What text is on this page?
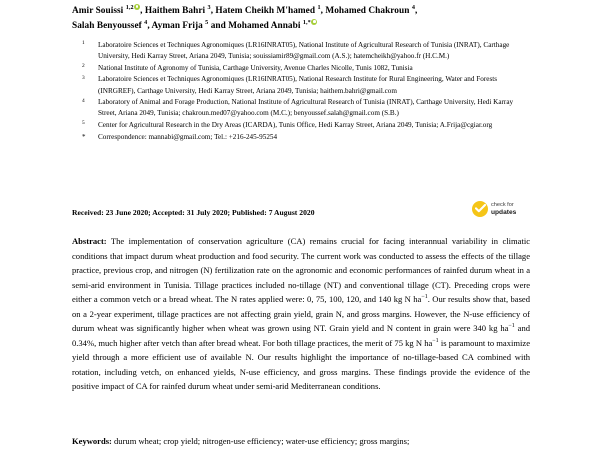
Amir Souissi $^{1,2}$ , Haithem Bahri $^3$, Hatem Cheikh M'hamed $^1$, Mohamed Chakroun $^4$,
Salah Benyoussef $^4$, Ayman Frija $^5$ and Mohamed Annabi $^{1,*}$
1 Laboratoire Sciences et Techniques Agronomiques (LR16INRAT05), National Institute of Agricultural Research of Tunisia (INRAT), Carthage University, Hedi Karray Street, Ariana 2049, Tunisia; souissiamir89@gmail.com (A.S.); hatemcheikh@yahoo.fr (H.C.M.)
2 National Institute of Agronomy of Tunisia, Carthage University, Avenue Charles Nicolle, Tunis 1082, Tunisia
3 Laboratoire Sciences et Techniques Agronomiques (LR16INRAT05), National Research Institute for Rural Engineering, Water and Forests (INRGREF), Carthage University, Hedi Karray Street, Ariana 2049, Tunisia; haithem.bahri@gmail.com
4 Laboratory of Animal and Forage Production, National Institute of Agricultural Research of Tunisia (INRAT), Carthage University, Hedi Karray Street, Ariana 2049, Tunisia; chakroun.med07@yahoo.com (M.C.); benyoussef.salah@gmail.com (S.B.)
5 Center for Agricultural Research in the Dry Areas (ICARDA), Tunis Office, Hedi Karray Street, Ariana 2049, Tunisia; A.Frija@cgiar.org
* Correspondence: mannabi@gmail.com; Tel.: +216-245-95254
Received: 23 June 2020; Accepted: 31 July 2020; Published: 7 August 2020
check for
updates
Abstract: The implementation of conservation agriculture (CA) remains crucial for facing interannual variability in climatic conditions that impact durum wheat production and food security. The current work was conducted to assess the effects of the tillage practice, previous crop, and nitrogen (N) fertilization rate on the agronomic and economic performances of rainfed durum wheat in a semi-arid environment in Tunisia. Tillage practices included no-tillage (NT) and conventional tillage (CT). Preceding crops were either a common vetch or a bread wheat. The N rates applied were: 0, 75, 100, 120, and 140 kg N $ha^{-1}$. Our results show that, based on a 2-year experiment, tillage practices are not affecting grain yield, grain N, and gross margins. However, the N-use efficiency of durum wheat was significantly higher when wheat was grown using NT. Grain yield and N content in grain were 340 kg $ha^{-1}$ and 0.34%, much higher after vetch than after bread wheat. For both tillage practices, the merit of 75 kg N $ha^{-1}$ is paramount to maximize yield through a more efficient use of available N. Our results highlight the importance of no-tillage-based CA combined with rotation, including vetch, on enhanced yields, N-use efficiency, and gross margins. These findings provide the evidence of the positive impact of CA for rainfed durum wheat under semi-arid Mediterranean conditions.
Keywords: durum wheat; crop yield; nitrogen-use efficiency; water-use efficiency; gross margins;
